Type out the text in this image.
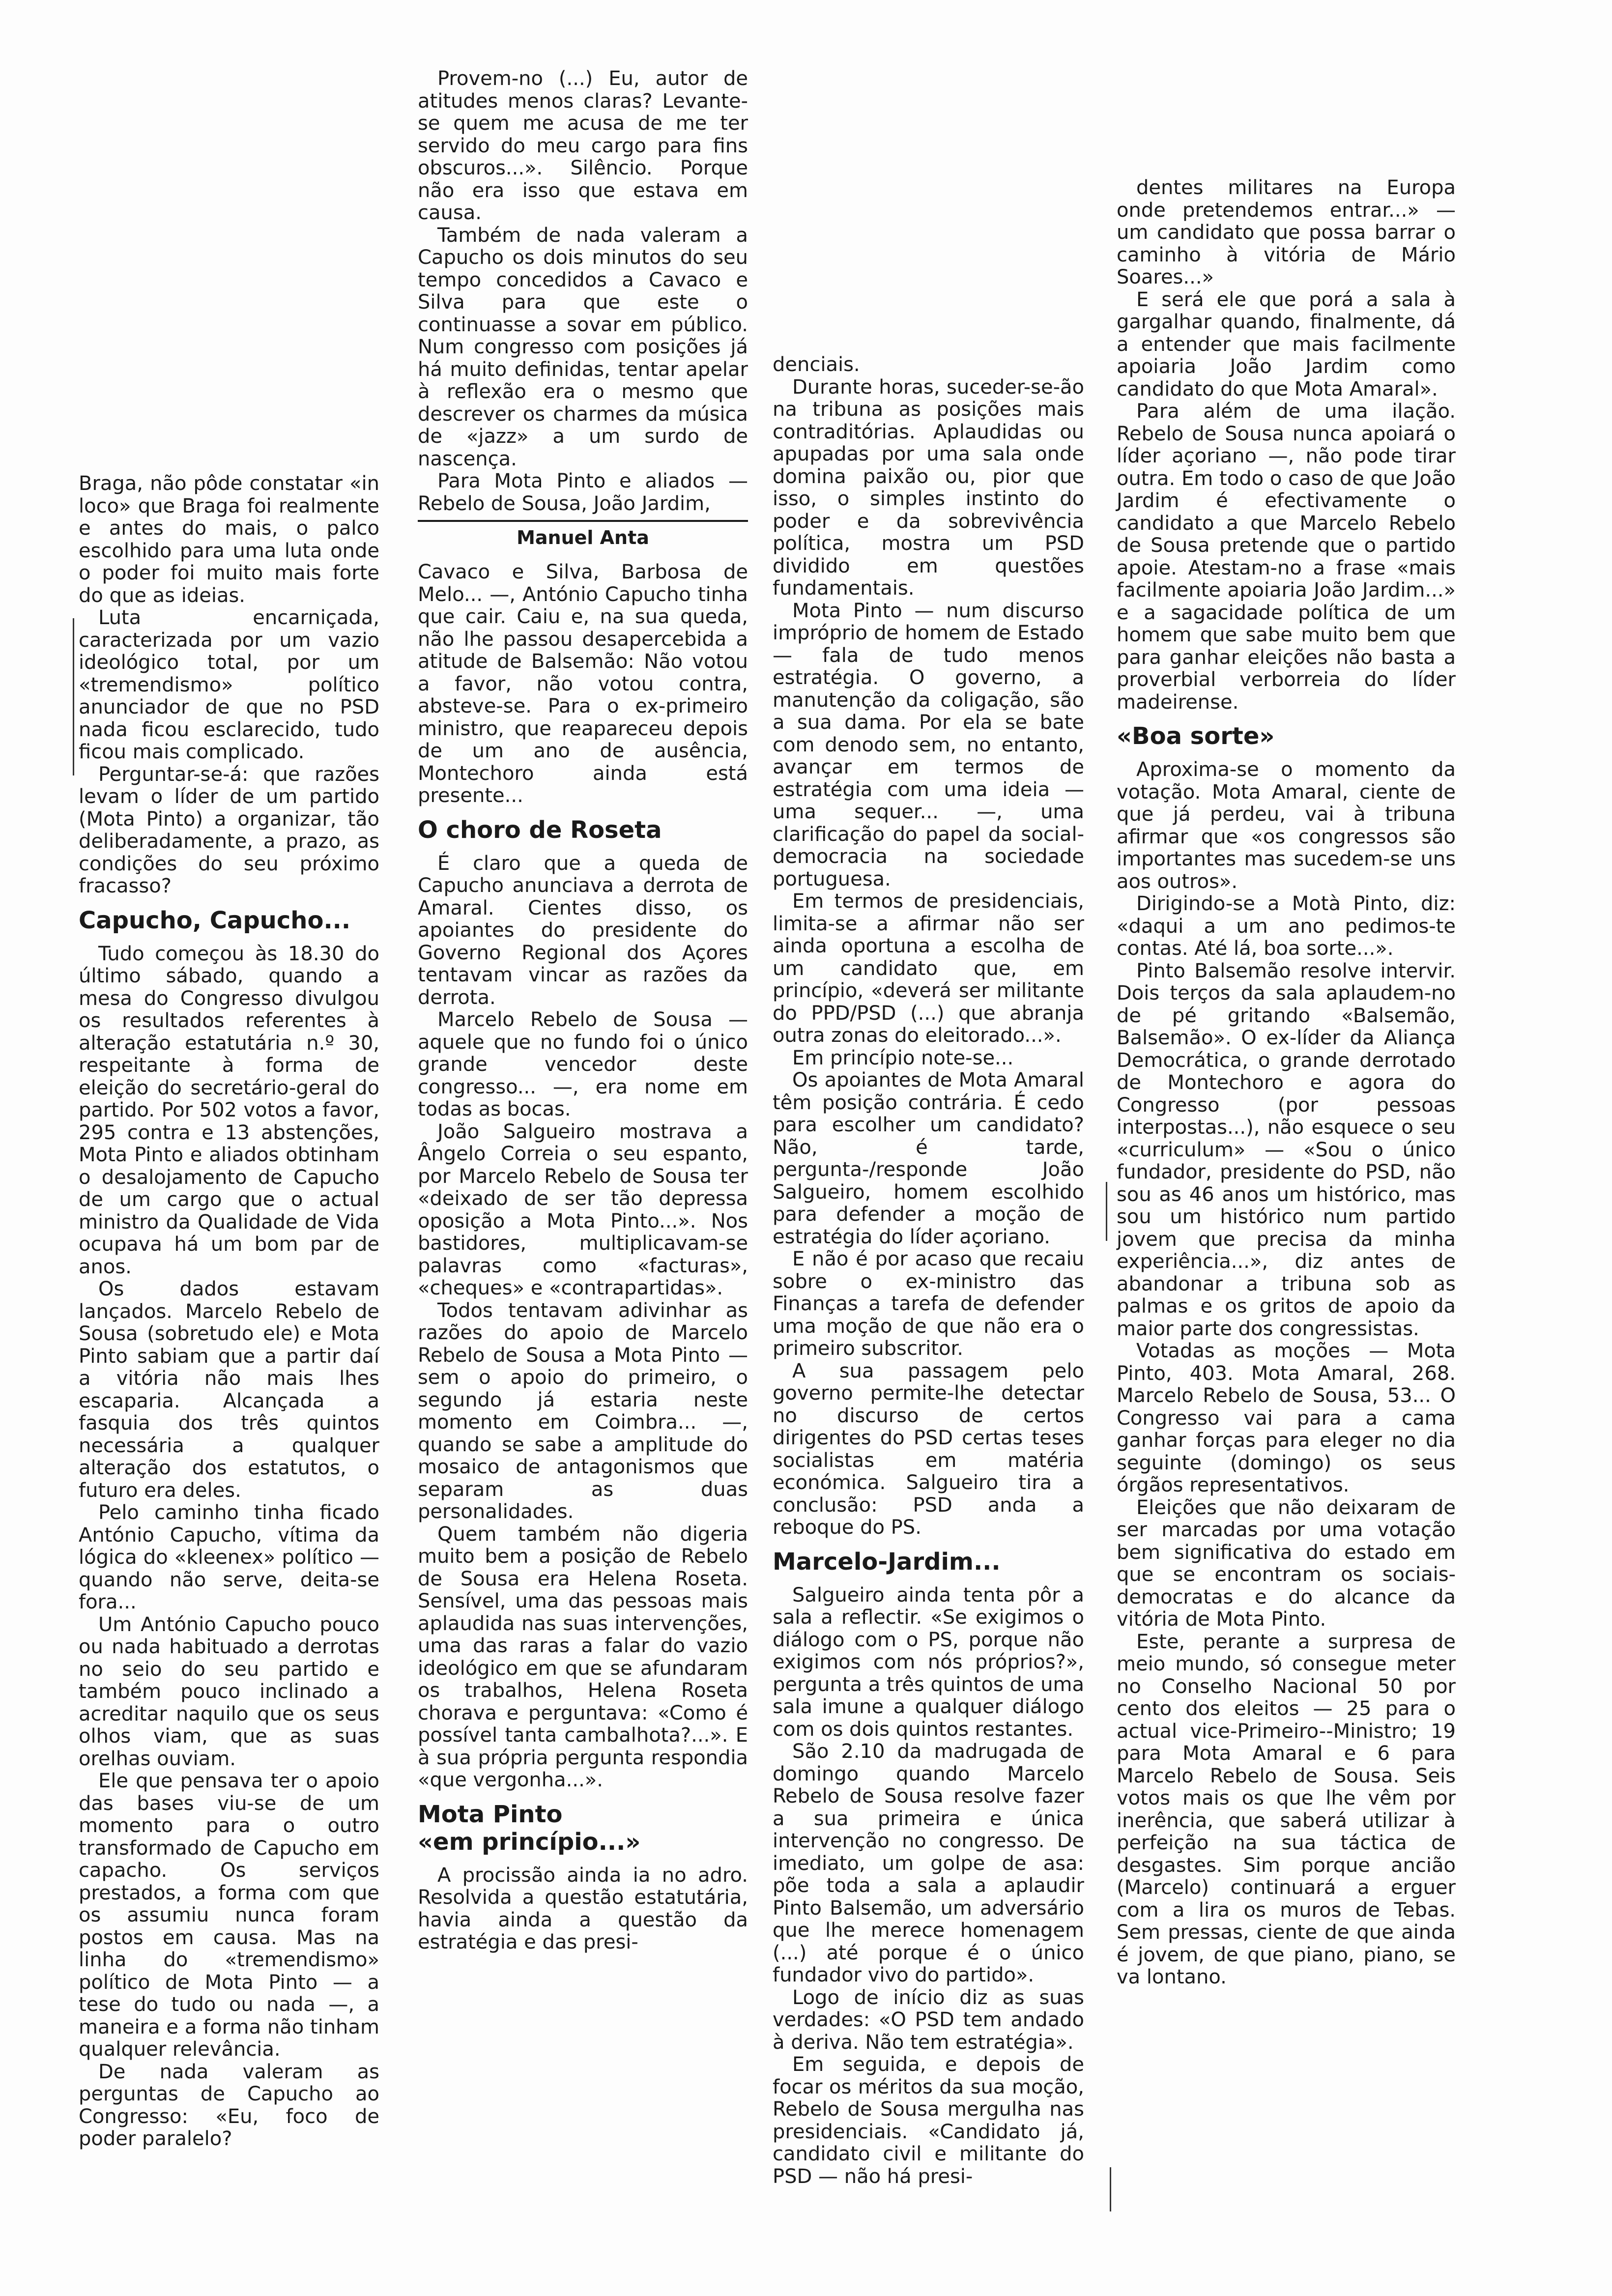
Braga, não pôde constatar «in loco» que Braga foi realmente e antes do mais, o palco escolhido para uma luta onde o poder foi muito mais forte do que as ideias.

Luta encarniçada, caracterizada por um vazio ideológico total, por um «tremendismo» político anunciador de que no PSD nada ficou esclarecido, tudo ficou mais complicado.

Perguntar-se-á: que razões levam o líder de um partido (Mota Pinto) a organizar, tão deliberadamente, a prazo, as condições do seu próximo fracasso?

Capucho, Capucho...

Tudo começou às 18.30 do último sábado, quando a mesa do Congresso divulgou os resultados referentes à alteração estatutária n.º 30, respeitante à forma de eleição do secretário-geral do partido. Por 502 votos a favor, 295 contra e 13 abstenções, Mota Pinto e aliados obtinham o desalojamento de Capucho de um cargo que o actual ministro da Qualidade de Vida ocupava há um bom par de anos.

Os dados estavam lançados. Marcelo Rebelo de Sousa (sobretudo ele) e Mota Pinto sabiam que a partir daí a vitória não mais lhes escaparia. Alcançada a fasquia dos três quintos necessária a qualquer alteração dos estatutos, o futuro era deles.

Pelo caminho tinha ficado António Capucho, vítima da lógica do «kleenex» político — quando não serve, deita-se fora...

Um António Capucho pouco ou nada habituado a derrotas no seio do seu partido e também pouco inclinado a acreditar naquilo que os seus olhos viam, que as suas orelhas ouviam.

Ele que pensava ter o apoio das bases viu-se de um momento para o outro transformado de Capucho em capacho. Os serviços prestados, a forma com que os assumiu nunca foram postos em causa. Mas na linha do «tremendismo» político de Mota Pinto — a tese do tudo ou nada —, a maneira e a forma não tinham qualquer relevância.

De nada valeram as perguntas de Capucho ao Congresso: «Eu, foco de poder paralelo?

Provem-no (...) Eu, autor de atitudes menos claras? Levante-se quem me acusa de me ter servido do meu cargo para fins obscuros...». Silêncio. Porque não era isso que estava em causa.

Também de nada valeram a Capucho os dois minutos do seu tempo concedidos a Cavaco e Silva para que este o continuasse a sovar em público. Num congresso com posições já há muito definidas, tentar apelar à reflexão era o mesmo que descrever os charmes da música de «jazz» a um surdo de nascença.

Para Mota Pinto e aliados — Rebelo de Sousa, João Jardim,

Manuel Anta

Cavaco e Silva, Barbosa de Melo... —, António Capucho tinha que cair. Caiu e, na sua queda, não lhe passou desapercebida a atitude de Balsemão: Não votou a favor, não votou contra, absteve-se. Para o ex-primeiro ministro, que reapareceu depois de um ano de ausência, Montechoro ainda está presente...

O choro de Roseta

É claro que a queda de Capucho anunciava a derrota de Amaral. Cientes disso, os apoiantes do presidente do Governo Regional dos Açores tentavam vincar as razões da derrota.

Marcelo Rebelo de Sousa — aquele que no fundo foi o único grande vencedor deste congresso... —, era nome em todas as bocas.

João Salgueiro mostrava a Ângelo Correia o seu espanto, por Marcelo Rebelo de Sousa ter «deixado de ser tão depressa oposição a Mota Pinto...». Nos bastidores, multiplicavam-se palavras como «facturas», «cheques» e «contrapartidas».

Todos tentavam adivinhar as razões do apoio de Marcelo Rebelo de Sousa a Mota Pinto — sem o apoio do primeiro, o segundo já estaria neste momento em Coimbra... —, quando se sabe a amplitude do mosaico de antagonismos que separam as duas personalidades.

Quem também não digeria muito bem a posição de Rebelo de Sousa era Helena Roseta. Sensível, uma das pessoas mais aplaudida nas suas intervenções, uma das raras a falar do vazio ideológico em que se afundaram os trabalhos, Helena Roseta chorava e perguntava: «Como é possível tanta cambalhota?...». E à sua própria pergunta respondia «que vergonha...».

Mota Pinto
«em princípio...»

A procissão ainda ia no adro. Resolvida a questão estatutária, havia ainda a questão da estratégia e das presi-

denciais.

Durante horas, suceder-se-ão na tribuna as posições mais contraditórias. Aplaudidas ou apupadas por uma sala onde domina paixão ou, pior que isso, o simples instinto do poder e da sobrevivência política, mostra um PSD dividido em questões fundamentais.

Mota Pinto — num discurso impróprio de homem de Estado — fala de tudo menos estratégia. O governo, a manutenção da coligação, são a sua dama. Por ela se bate com denodo sem, no entanto, avançar em termos de estratégia com uma ideia — uma sequer... —, uma clarificação do papel da social-democracia na sociedade portuguesa.

Em termos de presidenciais, limita-se a afirmar não ser ainda oportuna a escolha de um candidato que, em princípio, «deverá ser militante do PPD/PSD (...) que abranja outra zonas do eleitorado...».

Em princípio note-se...

Os apoiantes de Mota Amaral têm posição contrária. É cedo para escolher um candidato? Não, é tarde, pergunta-/responde João Salgueiro, homem escolhido para defender a moção de estratégia do líder açoriano.

E não é por acaso que recaiu sobre o ex-ministro das Finanças a tarefa de defender uma moção de que não era o primeiro subscritor.

A sua passagem pelo governo permite-lhe detectar no discurso de certos dirigentes do PSD certas teses socialistas em matéria económica. Salgueiro tira a conclusão: PSD anda a reboque do PS.

Marcelo-Jardim...

Salgueiro ainda tenta pôr a sala a reflectir. «Se exigimos o diálogo com o PS, porque não exigimos com nós próprios?», pergunta a três quintos de uma sala imune a qualquer diálogo com os dois quintos restantes.

São 2.10 da madrugada de domingo quando Marcelo Rebelo de Sousa resolve fazer a sua primeira e única intervenção no congresso. De imediato, um golpe de asa: põe toda a sala a aplaudir Pinto Balsemão, um adversário que lhe merece homenagem (...) até porque é o único fundador vivo do partido».

Logo de início diz as suas verdades: «O PSD tem andado à deriva. Não tem estratégia».

Em seguida, e depois de focar os méritos da sua moção, Rebelo de Sousa mergulha nas presidenciais. «Candidato já, candidato civil e militante do PSD — não há presi-

dentes militares na Europa onde pretendemos entrar...» — um candidato que possa barrar o caminho à vitória de Mário Soares...»

E será ele que porá a sala à gargalhar quando, finalmente, dá a entender que mais facilmente apoiaria João Jardim como candidato do que Mota Amaral».

Para além de uma ilação. Rebelo de Sousa nunca apoiará o líder açoriano —, não pode tirar outra. Em todo o caso de que João Jardim é efectivamente o candidato a que Marcelo Rebelo de Sousa pretende que o partido apoie. Atestam-no a frase «mais facilmente apoiaria João Jardim...» e a sagacidade política de um homem que sabe muito bem que para ganhar eleições não basta a proverbial verborreia do líder madeirense.

«Boa sorte»

Aproxima-se o momento da votação. Mota Amaral, ciente de que já perdeu, vai à tribuna afirmar que «os congressos são importantes mas sucedem-se uns aos outros».

Dirigindo-se a Motà Pinto, diz: «daqui a um ano pedimos-te contas. Até lá, boa sorte...».

Pinto Balsemão resolve intervir. Dois terços da sala aplaudem-no de pé gritando «Balsemão, Balsemão». O ex-líder da Aliança Democrática, o grande derrotado de Montechoro e agora do Congresso (por pessoas interpostas...), não esquece o seu «curriculum» — «Sou o único fundador, presidente do PSD, não sou as 46 anos um histórico, mas sou um histórico num partido jovem que precisa da minha experiência...», diz antes de abandonar a tribuna sob as palmas e os gritos de apoio da maior parte dos congressistas.

Votadas as moções — Mota Pinto, 403. Mota Amaral, 268. Marcelo Rebelo de Sousa, 53... O Congresso vai para a cama ganhar forças para eleger no dia seguinte (domingo) os seus órgãos representativos.

Eleições que não deixaram de ser marcadas por uma votação bem significativa do estado em que se encontram os sociais-democratas e do alcance da vitória de Mota Pinto.

Este, perante a surpresa de meio mundo, só consegue meter no Conselho Nacional 50 por cento dos eleitos — 25 para o actual vice-Primeiro--Ministro; 19 para Mota Amaral e 6 para Marcelo Rebelo de Sousa. Seis votos mais os que lhe vêm por inerência, que saberá utilizar à perfeição na sua táctica de desgastes. Sim porque ancião (Marcelo) continuará a erguer com a lira os muros de Tebas. Sem pressas, ciente de que ainda é jovem, de que piano, piano, se va lontano.
